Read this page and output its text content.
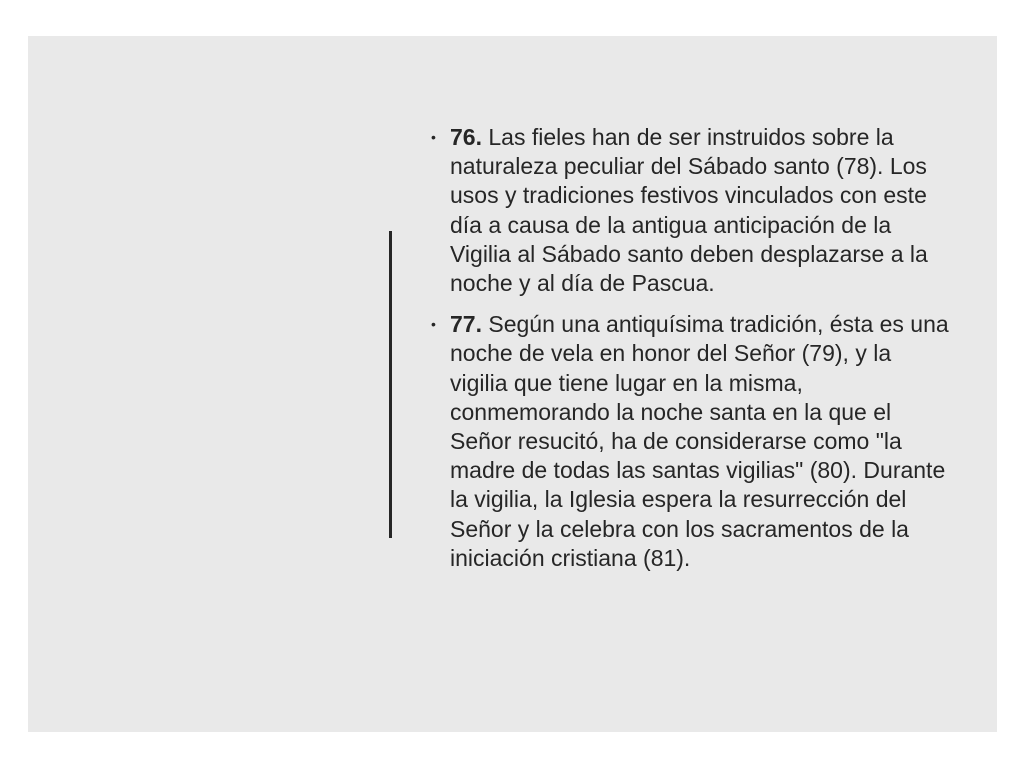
• 76. Las fieles han de ser instruidos sobre la naturaleza peculiar del Sábado santo (78). Los usos y tradiciones festivos vinculados con este día a causa de la antigua anticipación de la Vigilia al Sábado santo deben desplazarse a la noche y al día de Pascua.
• 77. Según una antiquísima tradición, ésta es una noche de vela en honor del Señor (79), y la vigilia que tiene lugar en la misma, conmemorando la noche santa en la que el Señor resucitó, ha de considerarse como "la madre de todas las santas vigilias" (80). Durante la vigilia, la Iglesia espera la resurrección del Señor y la celebra con los sacramentos de la iniciación cristiana (81).
